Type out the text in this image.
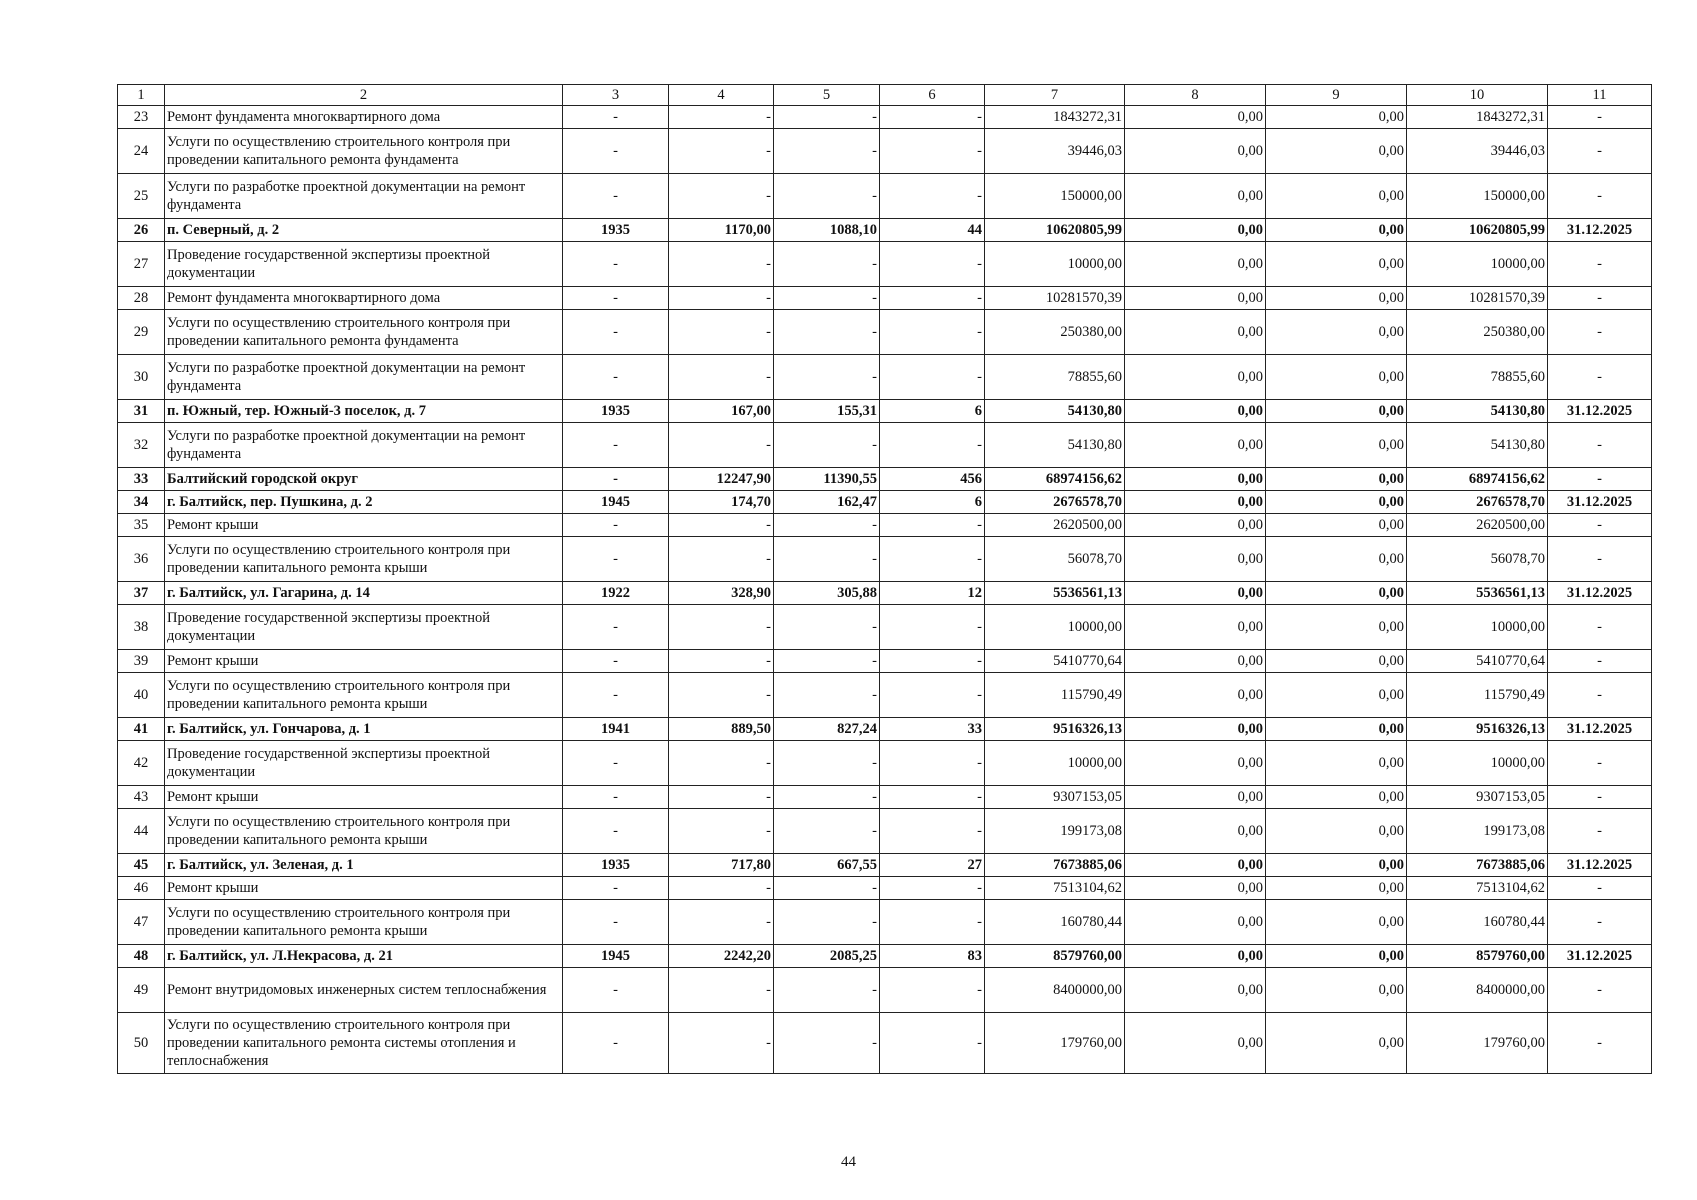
1	2	3	4	5	6	7	8	9	10	11
23	Ремонт фундамента многоквартирного дома	-	-	-	-	1843272,31	0,00	0,00	1843272,31	-
24	Услуги по осуществлению строительного контроля при проведении капитального ремонта фундамента	-	-	-	-	39446,03	0,00	0,00	39446,03	-
25	Услуги по разработке проектной документации на ремонт фундамента	-	-	-	-	150000,00	0,00	0,00	150000,00	-
26	п. Северный, д. 2	1935	1170,00	1088,10	44	10620805,99	0,00	0,00	10620805,99	31.12.2025
27	Проведение государственной экспертизы проектной документации	-	-	-	-	10000,00	0,00	0,00	10000,00	-
28	Ремонт фундамента многоквартирного дома	-	-	-	-	10281570,39	0,00	0,00	10281570,39	-
29	Услуги по осуществлению строительного контроля при проведении капитального ремонта фундамента	-	-	-	-	250380,00	0,00	0,00	250380,00	-
30	Услуги по разработке проектной документации на ремонт фундамента	-	-	-	-	78855,60	0,00	0,00	78855,60	-
31	п. Южный, тер. Южный-3 поселок, д. 7	1935	167,00	155,31	6	54130,80	0,00	0,00	54130,80	31.12.2025
32	Услуги по разработке проектной документации на ремонт фундамента	-	-	-	-	54130,80	0,00	0,00	54130,80	-
33	Балтийский городской округ	-	12247,90	11390,55	456	68974156,62	0,00	0,00	68974156,62	-
34	г. Балтийск, пер. Пушкина, д. 2	1945	174,70	162,47	6	2676578,70	0,00	0,00	2676578,70	31.12.2025
35	Ремонт крыши	-	-	-	-	2620500,00	0,00	0,00	2620500,00	-
36	Услуги по осуществлению строительного контроля при проведении капитального ремонта крыши	-	-	-	-	56078,70	0,00	0,00	56078,70	-
37	г. Балтийск, ул. Гагарина, д. 14	1922	328,90	305,88	12	5536561,13	0,00	0,00	5536561,13	31.12.2025
38	Проведение государственной экспертизы проектной документации	-	-	-	-	10000,00	0,00	0,00	10000,00	-
39	Ремонт крыши	-	-	-	-	5410770,64	0,00	0,00	5410770,64	-
40	Услуги по осуществлению строительного контроля при проведении капитального ремонта крыши	-	-	-	-	115790,49	0,00	0,00	115790,49	-
41	г. Балтийск, ул. Гончарова, д. 1	1941	889,50	827,24	33	9516326,13	0,00	0,00	9516326,13	31.12.2025
42	Проведение государственной экспертизы проектной документации	-	-	-	-	10000,00	0,00	0,00	10000,00	-
43	Ремонт крыши	-	-	-	-	9307153,05	0,00	0,00	9307153,05	-
44	Услуги по осуществлению строительного контроля при проведении капитального ремонта крыши	-	-	-	-	199173,08	0,00	0,00	199173,08	-
45	г. Балтийск, ул. Зеленая, д. 1	1935	717,80	667,55	27	7673885,06	0,00	0,00	7673885,06	31.12.2025
46	Ремонт крыши	-	-	-	-	7513104,62	0,00	0,00	7513104,62	-
47	Услуги по осуществлению строительного контроля при проведении капитального ремонта крыши	-	-	-	-	160780,44	0,00	0,00	160780,44	-
48	г. Балтийск, ул. Л.Некрасова, д. 21	1945	2242,20	2085,25	83	8579760,00	0,00	0,00	8579760,00	31.12.2025
49	Ремонт внутридомовых инженерных систем теплоснабжения	-	-	-	-	8400000,00	0,00	0,00	8400000,00	-
50	Услуги по осуществлению строительного контроля при проведении капитального ремонта системы отопления и теплоснабжения	-	-	-	-	179760,00	0,00	0,00	179760,00	-
44
